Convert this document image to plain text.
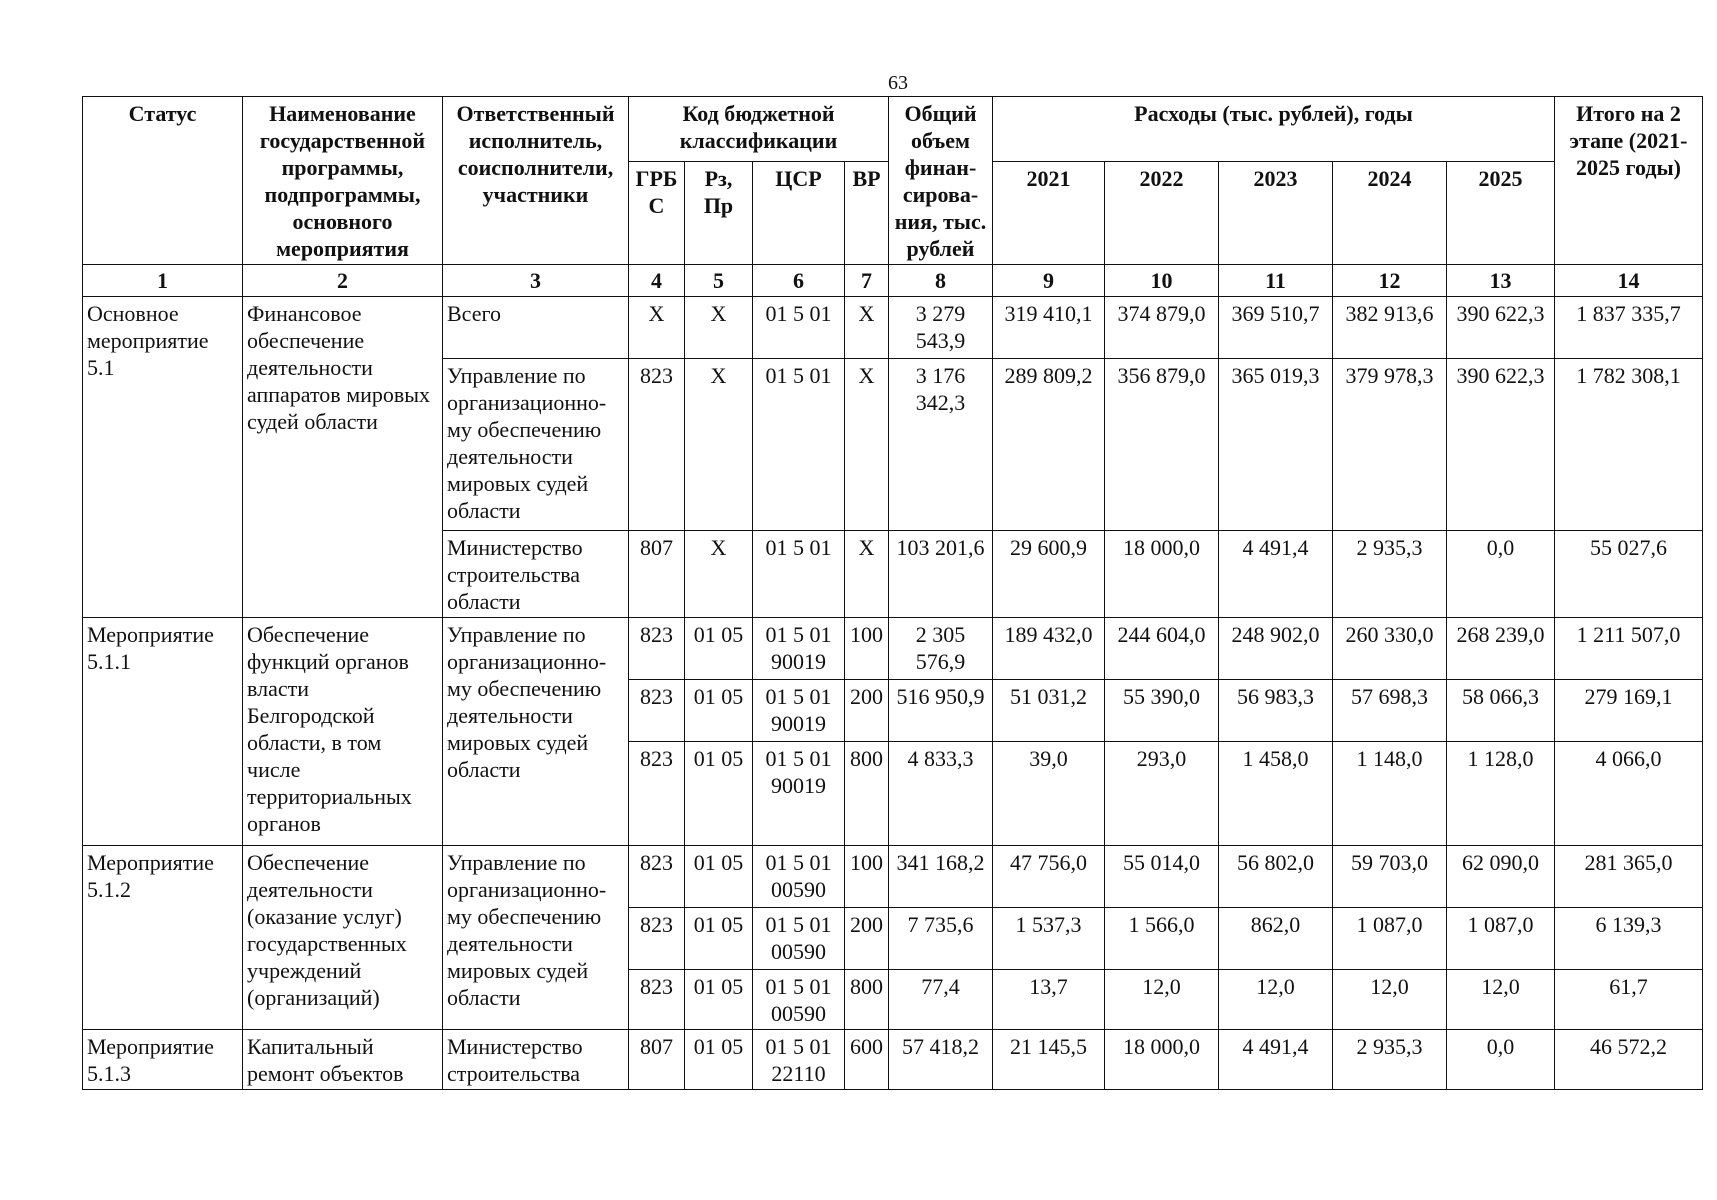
63
Статус	Наименование государственной программы, подпрограммы, основного мероприятия	Ответственный исполнитель, соисполнители, участники	Код бюджетной классификации				Общий объем финан-сирова-ния, тыс. рублей	Расходы (тыс. рублей), годы					Итого на 2 этапе (2021-2025 годы)
			ГРБ С	Рз, Пр	ЦСР	ВР		2021	2022	2023	2024	2025	
1	2	3	4	5	6	7	8	9	10	11	12	13	14
Основное мероприятие 5.1	Финансовое обеспечение деятельности аппаратов мировых судей области	Всего	X	X	01 5 01	X	3 279 543,9	319 410,1	374 879,0	369 510,7	382 913,6	390 622,3	1 837 335,7
		Управление по организационно-му обеспечению деятельности мировых судей области	823	X	01 5 01	X	3 176 342,3	289 809,2	356 879,0	365 019,3	379 978,3	390 622,3	1 782 308,1
		Министерство строительства области	807	X	01 5 01	X	103 201,6	29 600,9	18 000,0	4 491,4	2 935,3	0,0	55 027,6
Мероприятие 5.1.1	Обеспечение функций органов власти Белгородской области, в том числе территориальных органов	Управление по организационно-му обеспечению деятельности мировых судей области	823	01 05	01 5 01 90019	100	2 305 576,9	189 432,0	244 604,0	248 902,0	260 330,0	268 239,0	1 211 507,0
			823	01 05	01 5 01 90019	200	516 950,9	51 031,2	55 390,0	56 983,3	57 698,3	58 066,3	279 169,1
			823	01 05	01 5 01 90019	800	4 833,3	39,0	293,0	1 458,0	1 148,0	1 128,0	4 066,0
Мероприятие 5.1.2	Обеспечение деятельности (оказание услуг) государственных учреждений (организаций)	Управление по организационно-му обеспечению деятельности мировых судей области	823	01 05	01 5 01 00590	100	341 168,2	47 756,0	55 014,0	56 802,0	59 703,0	62 090,0	281 365,0
			823	01 05	01 5 01 00590	200	7 735,6	1 537,3	1 566,0	862,0	1 087,0	1 087,0	6 139,3
			823	01 05	01 5 01 00590	800	77,4	13,7	12,0	12,0	12,0	12,0	61,7
Мероприятие 5.1.3	Капитальный ремонт объектов	Министерство строительства	807	01 05	01 5 01 22110	600	57 418,2	21 145,5	18 000,0	4 491,4	2 935,3	0,0	46 572,2
